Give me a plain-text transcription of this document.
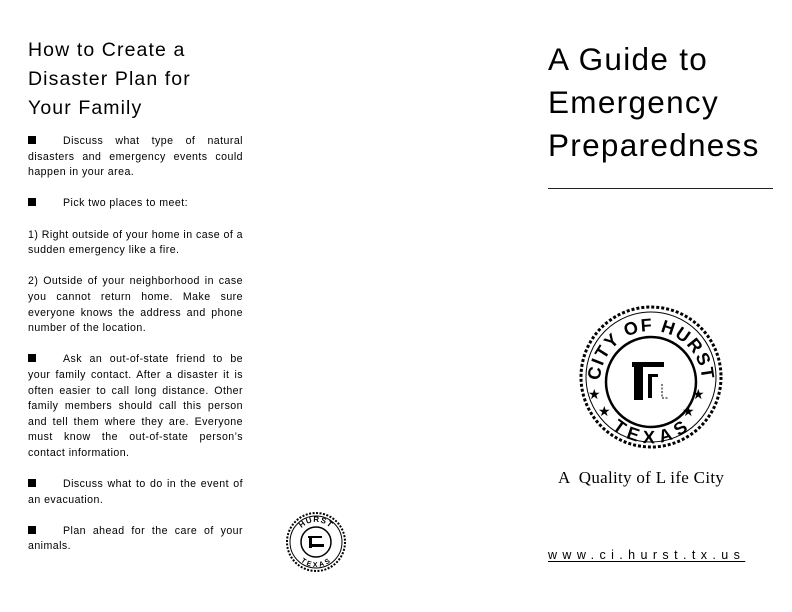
How to Create a
Disaster Plan for
Your Family

Discuss what type of natural disasters and emergency events could happen in your area.

Pick two places to meet:

1) Right outside of your home in case of a sudden emergency like a fire.

2) Outside of your neighborhood in case you cannot return home. Make sure everyone knows the address and phone number of the location.

Ask an out-of-state friend to be your family contact. After a disaster it is often easier to call long distance. Other family members should call this person and tell them where they are. Everyone must know the out-of-state person’s contact information.

Discuss what to do in the event of an evacuation.

Plan ahead for the care of your animals.

HURST
TEXAS
A Guide to
Emergency
Preparedness
CITY OF HURST
TEXAS
★
★	★
★
A  Quality of L ife City
www.ci.hurst.tx.us
